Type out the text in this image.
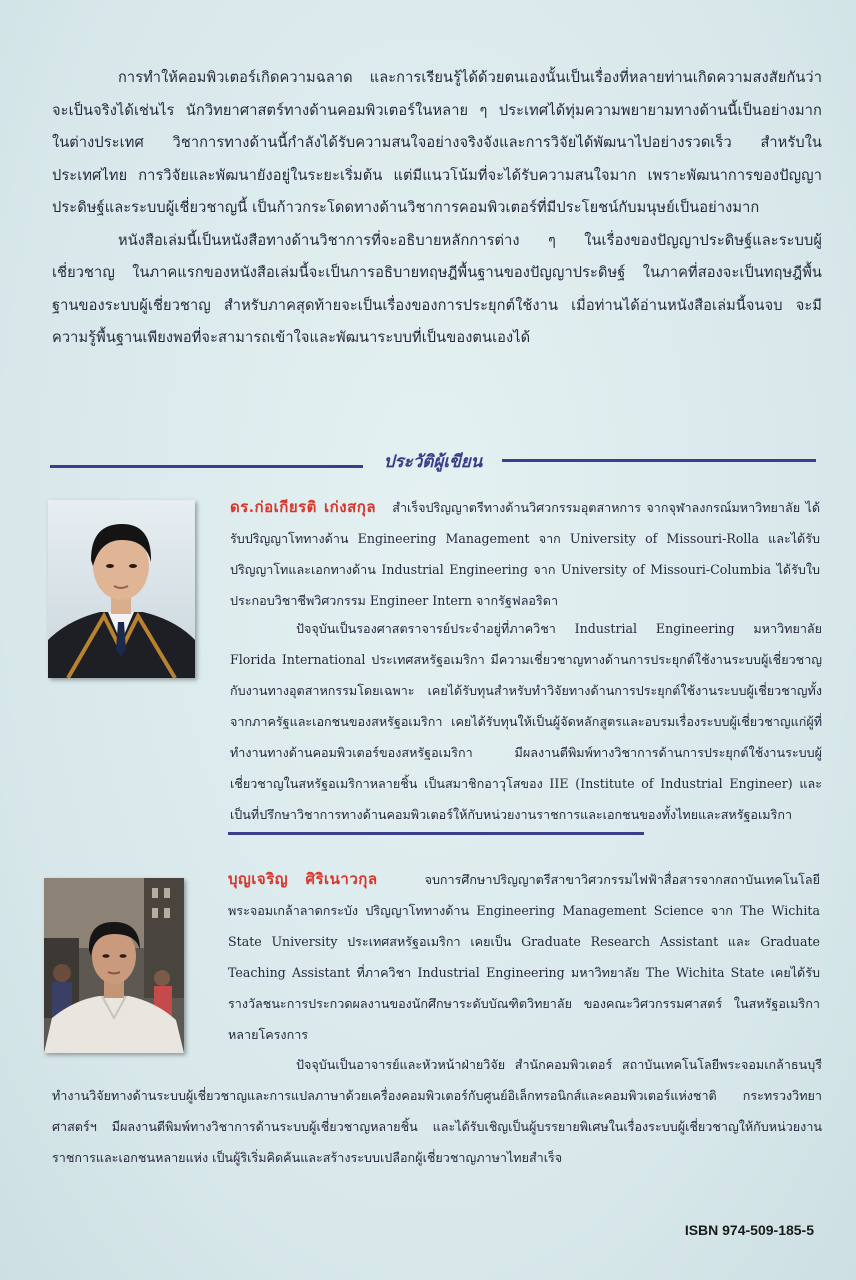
การทำให้คอมพิวเตอร์เกิดความฉลาด และการเรียนรู้ได้ด้วยตนเองนั้นเป็นเรื่องที่หลายท่านเกิดความสงสัยกันว่าจะเป็นจริงได้เช่นไร นักวิทยาศาสตร์ทางด้านคอมพิวเตอร์ในหลาย ๆ ประเทศได้ทุ่มความพยายามทางด้านนี้เป็นอย่างมาก ในต่างประเทศ วิชาการทางด้านนี้กำลังได้รับความสนใจอย่างจริงจังและการวิจัยได้พัฒนาไปอย่างรวดเร็ว สำหรับในประเทศไทย การวิจัยและพัฒนายังอยู่ในระยะเริ่มต้น แต่มีแนวโน้มที่จะได้รับความสนใจมาก เพราะพัฒนาการของปัญญาประดิษฐ์และระบบผู้เชี่ยวชาญนี้ เป็นก้าวกระโดดทางด้านวิชาการคอมพิวเตอร์ที่มีประโยชน์กับมนุษย์เป็นอย่างมาก

หนังสือเล่มนี้เป็นหนังสือทางด้านวิชาการที่จะอธิบายหลักการต่าง ๆ ในเรื่องของปัญญาประดิษฐ์และระบบผู้เชี่ยวชาญ ในภาคแรกของหนังสือเล่มนี้จะเป็นการอธิบายทฤษฎีพื้นฐานของปัญญาประดิษฐ์ ในภาคที่สองจะเป็นทฤษฎีพื้นฐานของระบบผู้เชี่ยวชาญ สำหรับภาคสุดท้ายจะเป็นเรื่องของการประยุกต์ใช้งาน เมื่อท่านได้อ่านหนังสือเล่มนี้จนจบ จะมีความรู้พื้นฐานเพียงพอที่จะสามารถเข้าใจและพัฒนาระบบที่เป็นของตนเองได้

ประวัติผู้เขียน

ดร.ก่อเกียรติ เก่งสกุล สำเร็จปริญญาตรีทางด้านวิศวกรรมอุตสาหการ จากจุฬาลงกรณ์มหาวิทยาลัย ได้รับปริญญาโททางด้าน Engineering Management จาก University of Missouri-Rolla และได้รับปริญญาโทและเอกทางด้าน Industrial Engineering จาก University of Missouri-Columbia ได้รับใบประกอบวิชาชีพวิศวกรรม Engineer Intern จากรัฐฟลอริดา

ปัจจุบันเป็นรองศาสตราจารย์ประจำอยู่ที่ภาควิชา Industrial Engineering มหาวิทยาลัย Florida International ประเทศสหรัฐอเมริกา มีความเชี่ยวชาญทางด้านการประยุกต์ใช้งานระบบผู้เชี่ยวชาญกับงานทางอุตสาหกรรมโดยเฉพาะ เคยได้รับทุนสำหรับทำวิจัยทางด้านการประยุกต์ใช้งานระบบผู้เชี่ยวชาญทั้งจากภาครัฐและเอกชนของสหรัฐอเมริกา เคยได้รับทุนให้เป็นผู้จัดหลักสูตรและอบรมเรื่องระบบผู้เชี่ยวชาญแก่ผู้ที่ทำงานทางด้านคอมพิวเตอร์ของสหรัฐอเมริกา มีผลงานตีพิมพ์ทางวิชาการด้านการประยุกต์ใช้งานระบบผู้เชี่ยวชาญในสหรัฐอเมริกาหลายชิ้น เป็นสมาชิกอาวุโสของ IIE (Institute of Industrial Engineer) และเป็นที่ปรึกษาวิชาการทางด้านคอมพิวเตอร์ให้กับหน่วยงานราชการและเอกชนของทั้งไทยและสหรัฐอเมริกา

บุญเจริญ ศิริเนาวกุล	จบการศึกษาปริญญาตรีสาขาวิศวกรรมไฟฟ้าสื่อสารจากสถาบันเทคโนโลยีพระจอมเกล้าลาดกระบัง ปริญญาโททางด้าน Engineering Management Science จาก The Wichita State University ประเทศสหรัฐอเมริกา เคยเป็น Graduate Research Assistant และ Graduate Teaching Assistant ที่ภาควิชา Industrial Engineering มหาวิทยาลัย The Wichita State เคยได้รับรางวัลชนะการประกวดผลงานของนักศึกษาระดับบัณฑิตวิทยาลัย ของคณะวิศวกรรมศาสตร์ ในสหรัฐอเมริกาหลายโครงการ

ปัจจุบันเป็นอาจารย์และหัวหน้าฝ่ายวิจัย สำนักคอมพิวเตอร์ สถาบันเทคโนโลยีพระจอมเกล้าธนบุรี ทำงานวิจัยทางด้านระบบผู้เชี่ยวชาญและการแปลภาษาด้วยเครื่องคอมพิวเตอร์กับศูนย์อิเล็กทรอนิกส์และคอมพิวเตอร์แห่งชาติ กระทรวงวิทยาศาสตร์ฯ มีผลงานตีพิมพ์ทางวิชาการด้านระบบผู้เชี่ยวชาญหลายชิ้น และได้รับเชิญเป็นผู้บรรยายพิเศษในเรื่องระบบผู้เชี่ยวชาญให้กับหน่วยงานราชการและเอกชนหลายแห่ง เป็นผู้ริเริ่มคิดค้นและสร้างระบบเปลือกผู้เชี่ยวชาญภาษาไทยสำเร็จ

ISBN 974-509-185-5
